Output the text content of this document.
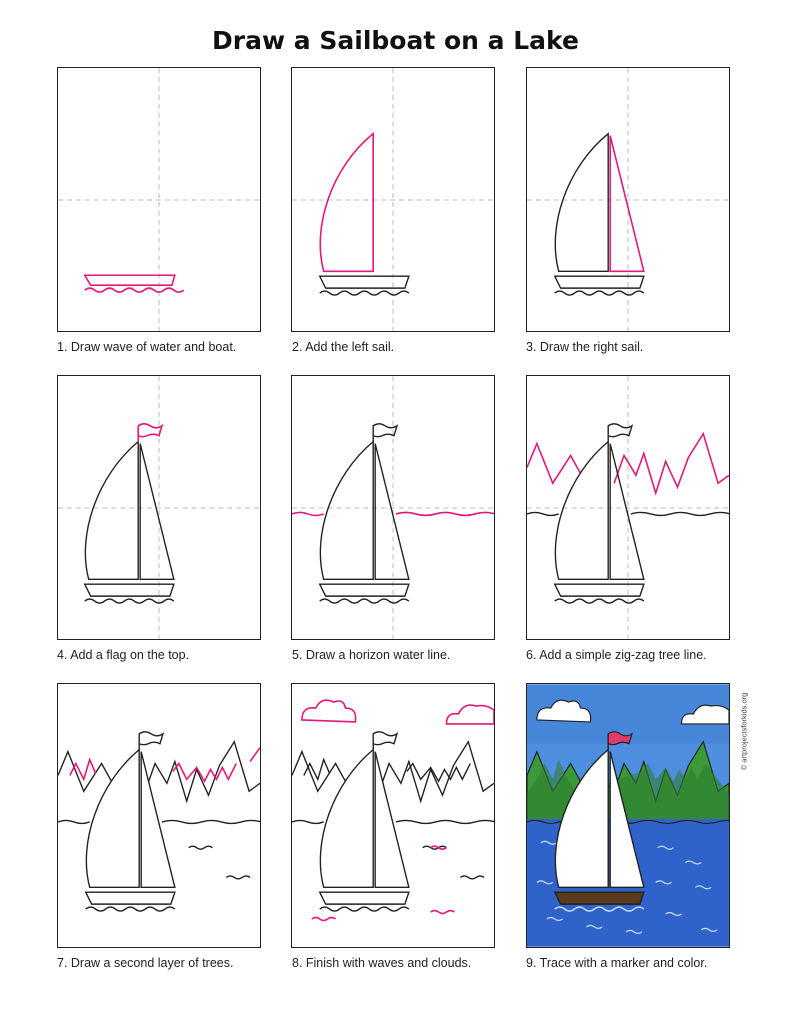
Draw a Sailboat on a Lake
1. Draw wave of water and boat.	2. Add the left sail.	3. Draw the right sail.
4. Add a flag on the top.	5. Draw a horizon water line.	6. Add a simple zig-zag tree line.
7. Draw a second layer of trees.	8. Finish with waves and clouds.	9. Trace with a marker and color.
© artprojectsforkids.org
